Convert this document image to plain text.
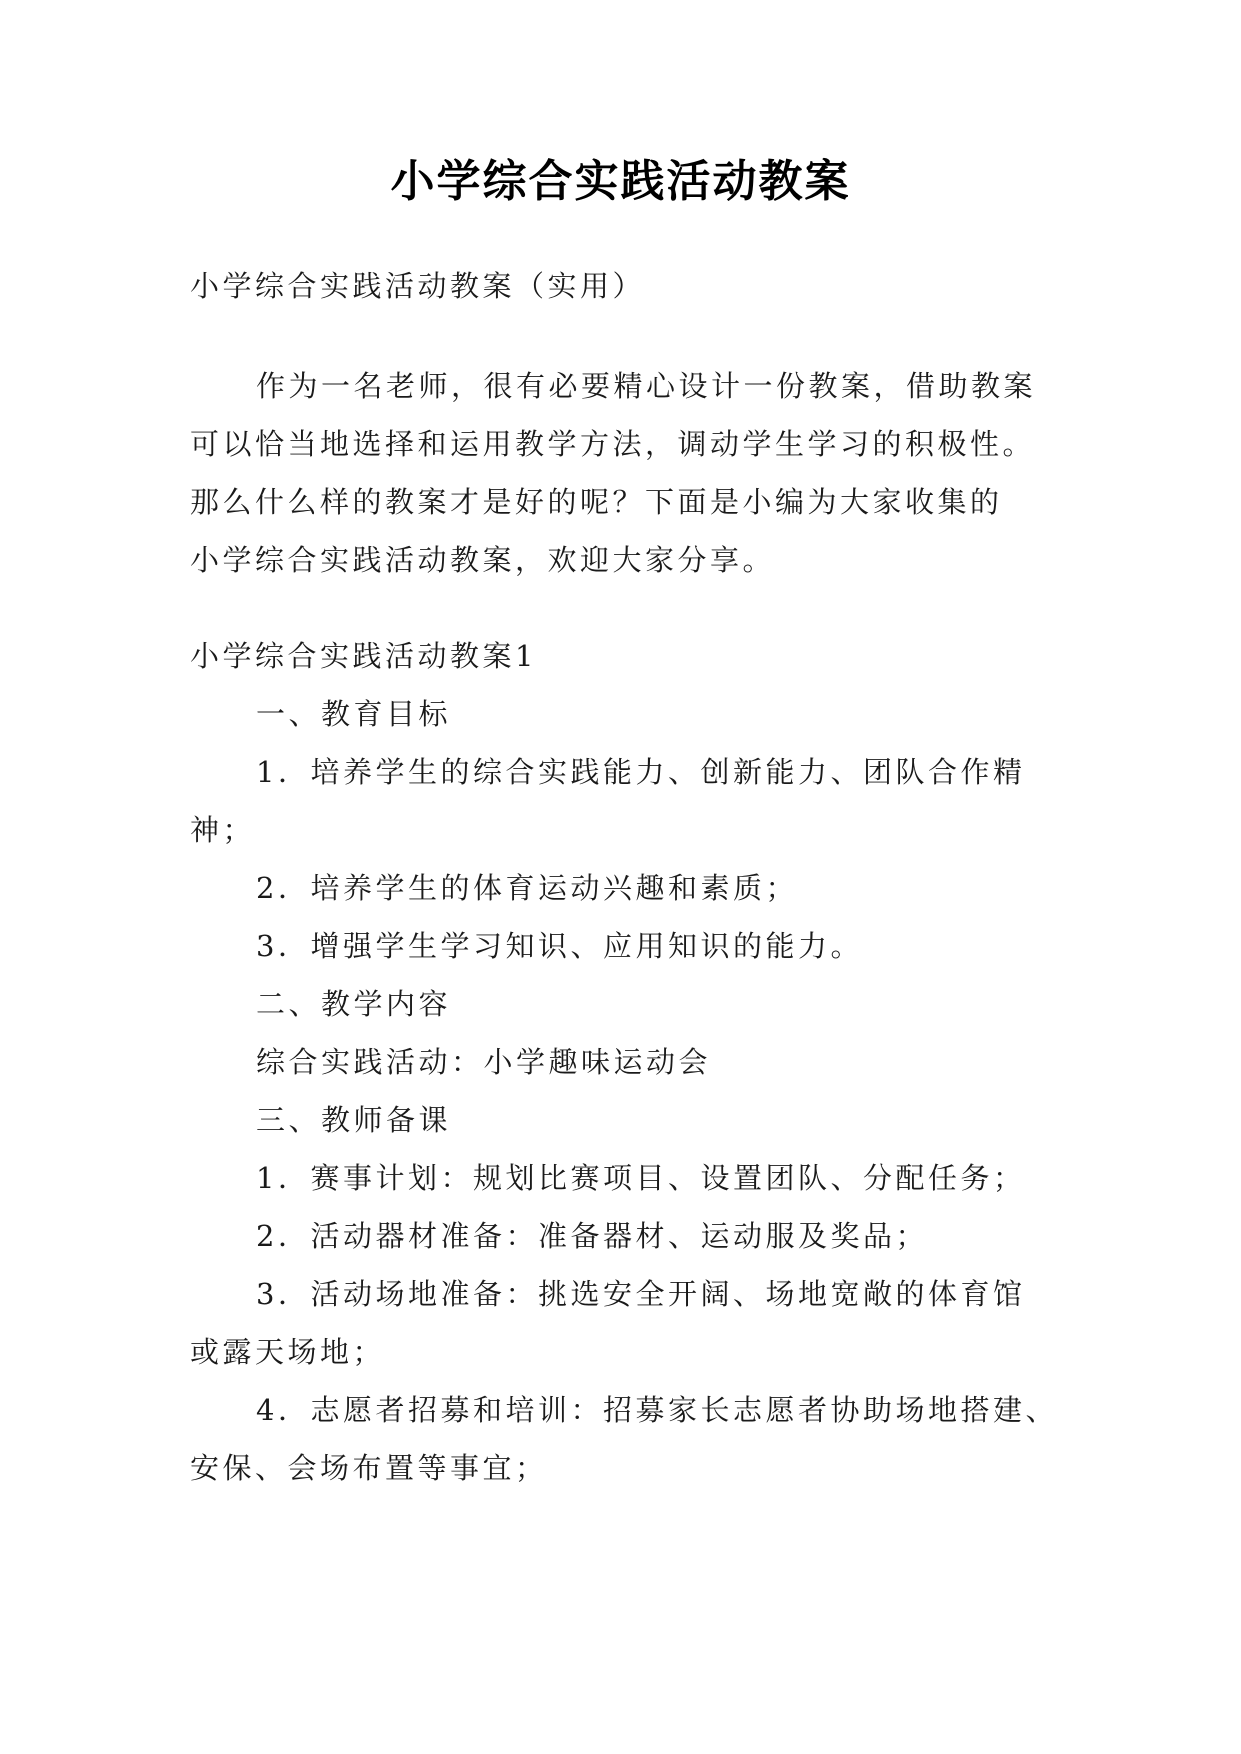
小学综合实践活动教案
小学综合实践活动教案（实用）
作为一名老师，很有必要精心设计一份教案，借助教案
可以恰当地选择和运用教学方法，调动学生学习的积极性。
那么什么样的教案才是好的呢？下面是小编为大家收集的
小学综合实践活动教案，欢迎大家分享。
小学综合实践活动教案1
一、教育目标
1．培养学生的综合实践能力、创新能力、团队合作精
神；
2．培养学生的体育运动兴趣和素质；
3．增强学生学习知识、应用知识的能力。
二、教学内容
综合实践活动：小学趣味运动会
三、教师备课
1．赛事计划：规划比赛项目、设置团队、分配任务；
2．活动器材准备：准备器材、运动服及奖品；
3．活动场地准备：挑选安全开阔、场地宽敞的体育馆
或露天场地；
4．志愿者招募和培训：招募家长志愿者协助场地搭建、
安保、会场布置等事宜；
